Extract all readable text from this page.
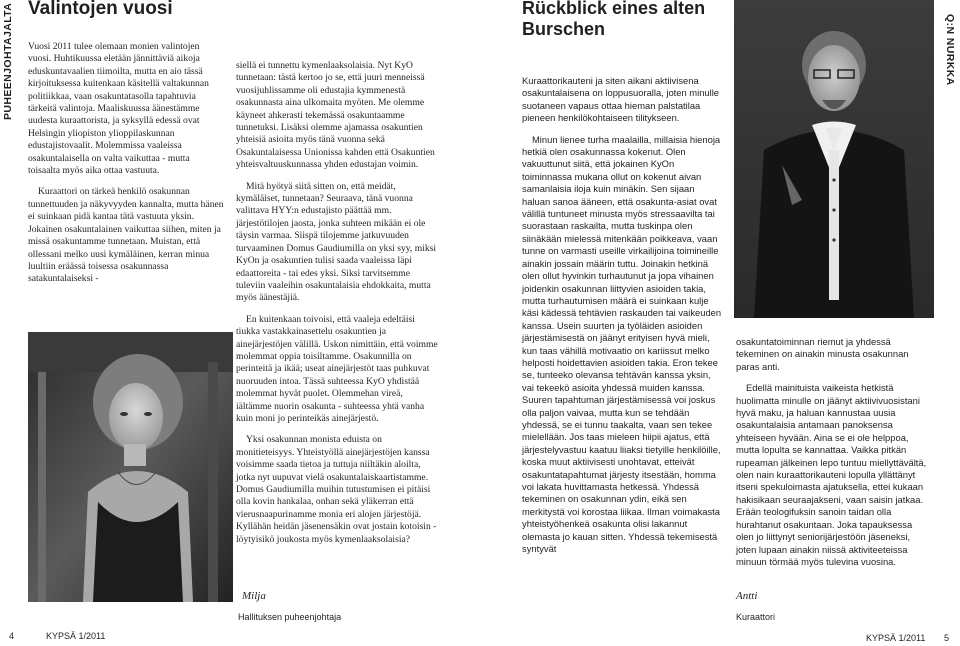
PUHEENJOHTAJALTA Valintojen vuosi

Vuosi 2011 tulee olemaan monien valintojen vuosi. Huhtikuussa eletään jännittäviä aikoja eduskuntavaalien tiimoilta, mutta en aio tässä kirjoituksessa kuitenkaan käsitellä valtakunnan politiikkaa, vaan osakuntatasolla tapahtuvia tärkeitä valintoja. Maaliskuussa äänestämme uudesta kuraattorista, ja syksyllä edessä ovat Helsingin yliopiston ylioppilaskunnan edustajistovaalit. Molemmissa vaaleissa osakuntalaisella on valta vaikuttaa - mutta toisaalta myös aika ottaa vastuuta.

Kuraattori on tärkeä henkilö osakunnan tunnettuuden ja näkyvyyden kannalta, mutta hänen ei suinkaan pidä kantaa tätä vastuuta yksin. Jokainen osakuntalainen vaikuttaa siihen, miten ja missä osakuntamme tunnetaan. Muistan, että ollessani melko uusi kymäläinen, kerran minua luultiin eräässä toisessa osakunnassa satakuntalaiseksi -

siellä ei tunnettu kymenlaaksolaisia. Nyt KyO tunnetaan: tästä kertoo jo se, että juuri menneissä vuosijuhlissamme oli edustajia kymmenestä osakunnasta aina ulkomaita myöten. Me olemme käyneet ahkerasti tekemässä osakuntaamme tunnetuksi. Lisäksi olemme ajamassa osakuntien yhteisiä asioita myös tänä vuonna sekä Osakuntalaisessa Unionissa kahden että Osakuntien yhteisvaltuuskunnassa yhden edustajan voimin.

Mitä hyötyä siitä sitten on, että meidät, kymäläiset, tunnetaan? Seuraava, tänä vuonna valittava HYY:n edustajisto päättää mm. järjestötilojen jaosta, jonka suhteen mikään ei ole täysin varmaa. Siispä tilojemme jatkuvuuden turvaaminen Domus Gaudiumilla on yksi syy, miksi KyOn ja osakuntien tulisi saada vaaleissa läpi edaattoreita - tai edes yksi. Siksi tarvitsemme tuleviin vaaleihin osakuntalaisia ehdokkaita, mutta myös äänestäjiä.

En kuitenkaan toivoisi, että vaaleja edeltäisi tiukka vastakkainasettelu osakuntien ja ainejärjestöjen välillä. Uskon nimittäin, että voimme molemmat oppia toisiltamme. Osakunnilla on perinteitä ja ikää; useat ainejärjestöt taas puhkuvat nuoruuden intoa. Tässä suhteessa KyO yhdistää molemmat hyvät puolet. Olemmehan vireä, iältämme nuorin osakunta - suhteessa yhtä vanha kuin moni jo perinteikäs ainejärjestö.

Yksi osakunnan monista eduista on monitieteisyys. Yhteistyöllä ainejärjestöjen kanssa voisimme saada tietoa ja tuttuja niiltäkin aloilta, jotka nyt uupuvat vielä osakuntalaiskaartistamme. Domus Gaudiumilla muihin tutustumisen ei pitäisi olla kovin hankalaa, onhan sekä yläkerran että vierusnaapurinamme monia eri alojen järjestöjä. Kyllähän heidän jäsenensäkin ovat jostain kotoisin - löytyisikö joukosta myös kymenlaaksolaisia?

Milja
Hallituksen puheenjohtaja
4	KYPSÄ 1/2011
Rückblick eines alten Burschen

Kuraattorikauteni ja siten aikani aktiivisena osakuntalaisena on loppusuoralla, joten minulle suotaneen vapaus ottaa hieman palstatilaa pieneen henkilökohtaiseen tilitykseen.

Minun lienee turha maalailla, millaisia hienoja hetkiä olen osakunnassa kokenut. Olen vakuuttunut siitä, että jokainen KyOn toiminnassa mukana ollut on kokenut aivan samanlaisia iloja kuin minäkin. Sen sijaan haluan sanoa ääneen, että osakunta-asiat ovat välillä tuntuneet minusta myös stressaavilta tai suorastaan raskailta, mutta tuskinpa olen siinäkään mielessä mitenkään poikkeava, vaan tunne on varmasti useille virkailijoina toimineille ainakin jossain määrin tuttu. Joinakin hetkinä olen ollut hyvinkin turhautunut ja jopa vihainen joidenkin osakunnan liittyvien asioiden takia, mutta turhautumisen määrä ei suinkaan kulje käsi kädessä tehtävien raskauden tai vaikeuden kanssa. Usein suurten ja työläiden asioiden järjestämisestä on jäänyt erityisen hyvä mieli, kun taas vähillä motivaatio on kariissut melko helposti hoidettavien asioiden takia. Eron tekee se, tunteeko olevansa tehtävän kanssa yksin, vai tekeekö asioita yhdessä muiden kanssa. Suuren tapahtuman järjestämisessä voi joskus olla paljon vaivaa, mutta kun se tehdään yhdessä, se ei tunnu taakalta, vaan sen tekee mielellään. Jos taas mieleen hiipii ajatus, että järjestelyvastuu kaatuu liiaksi tietyille henkilöille, koska muut aktiivisesti unohtavat, etteivät osakuntatapahtumat järjesty itsestään, homma voi lakata huvittamasta hetkessä. Yhdessä tekeminen on osakunnan ydin, eikä sen merkitystä voi korostaa liikaa. Ilman voimakasta yhteistyöhenkeä osakunta olisi lakannut olemasta jo kauan sitten. Yhdessä tekemisestä syntyvät

osakuntatoiminnan riemut ja yhdessä tekeminen on ainakin minusta osakunnan paras anti.

Edellä mainituista vaikeista hetkistä huolimatta minulle on jäänyt aktiivivuosistani hyvä maku, ja haluan kannustaa uusia osakuntalaisia antamaan panoksensa yhteiseen hyvään. Aina se ei ole helppoa, mutta lopulta se kannattaa. Vaikka pitkän rupeaman jälkeinen lepo tuntuu miellyttävältä, olen nain kuraattorikauteni lopulla yllättänyt itseni spekuloimasta ajatuksella, ettei kukaan hakisikaan seuraajakseni, vaan saisin jatkaa. Erään teologifuksin sanoin taidan olla hurahtanut osakuntaan. Joka tapauksessa olen jo liittynyt seniorijärjestöön jäseneksi, joten lupaan ainakin niissä aktiviteeteissa minuun törmää myös tulevina vuosina.

Antti
Kuraattori
Q:N NURKKA
KYPSÄ 1/2011 5
